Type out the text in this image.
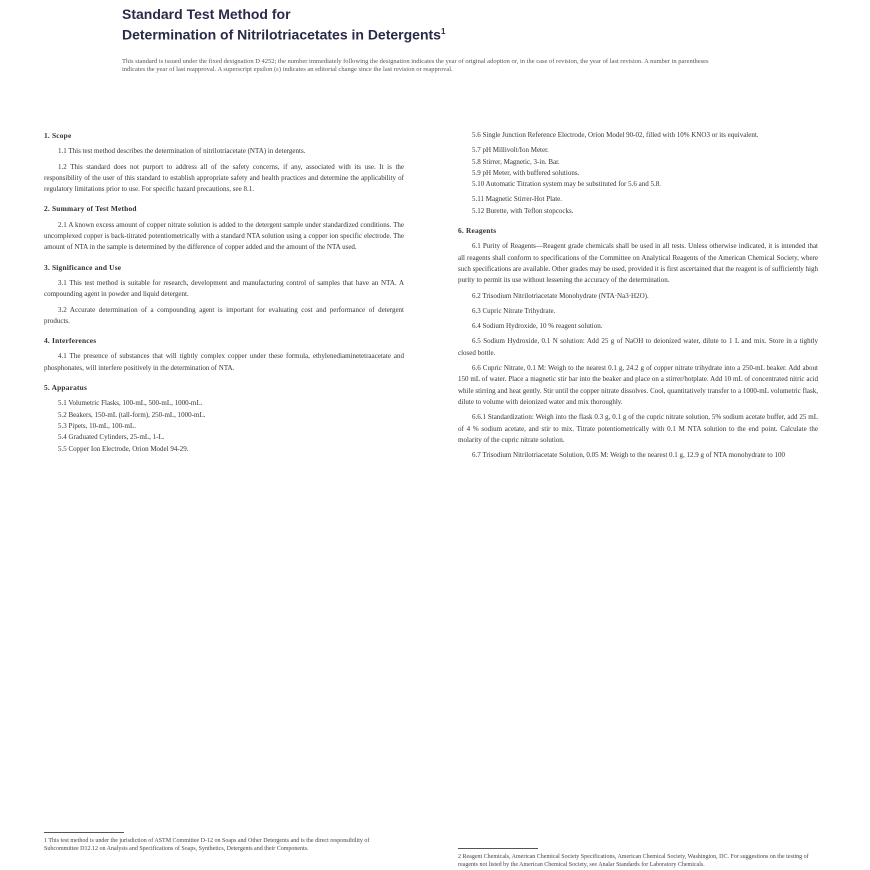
Standard Test Method for
Determination of Nitrilotriacetates in Detergents$^1$
This standard is issued under the fixed designation D 4252; the number immediately following the designation indicates the year of original adoption or, in the case of revision, the year of last revision. A number in parentheses indicates the year of last reapproval. A superscript epsilon (ε) indicates an editorial change since the last revision or reapproval.
1. Scope

1.1 This test method describes the determination of nitrilotriacetate (NTA) in detergents.

1.2 This standard does not purport to address all of the safety concerns, if any, associated with its use. It is the responsibility of the user of this standard to establish appropriate safety and health practices and determine the applicability of regulatory limitations prior to use. For specific hazard precautions, see 8.1.

2. Summary of Test Method

2.1 A known excess amount of copper nitrate solution is added to the detergent sample under standardized conditions. The uncomplexed copper is back-titrated potentiometrically with a standard NTA solution using a copper ion specific electrode. The amount of NTA in the sample is determined by the difference of copper added and the amount of the NTA used.

3. Significance and Use

3.1 This test method is suitable for research, development and manufacturing control of samples that have an NTA. A compounding agent in powder and liquid detergent.

3.2 Accurate determination of a compounding agent is important for evaluating cost and performance of detergent products.

4. Interferences

4.1 The presence of substances that will tightly complex copper under these formula, ethylenediaminetetraacetate and phosphonates, will interfere positively in the determination of NTA.

5. Apparatus

5.1 Volumetric Flasks, 100-mL, 500-mL, 1000-mL.

5.2 Beakers, 150-mL (tall-form), 250-mL, 1000-mL.

5.3 Pipets, 10-mL, 100-mL.

5.4 Graduated Cylinders, 25-mL, 1-L.

5.5 Copper Ion Electrode, Orion Model 94-29.

5.6 Single Junction Reference Electrode, Orion Model 90-02, filled with 10% KNO3 or its equivalent.

5.7 pH Millivolt/Ion Meter.

5.8 Stirrer, Magnetic, 3-in. Bar.

5.9 pH Meter, with buffered solutions.

5.10 Automatic Titration system may be substituted for 5.6 and 5.8.

5.11 Magnetic Stirrer-Hot Plate.

5.12 Burette, with Teflon stopcocks.

6. Reagents

6.1 Purity of Reagents—Reagent grade chemicals shall be used in all tests. Unless otherwise indicated, it is intended that all reagents shall conform to specifications of the Committee on Analytical Reagents of the American Chemical Society, where such specifications are available. Other grades may be used, provided it is first ascertained that the reagent is of sufficiently high purity to permit its use without lessening the accuracy of the determination.

6.2 Trisodium Nitrilotriacetate Monohydrate (NTA·Na3·H2O).

6.3 Cupric Nitrate Trihydrate.

6.4 Sodium Hydroxide, 10 % reagent solution.

6.5 Sodium Hydroxide, 0.1 N solution: Add 25 g of NaOH to deionized water, dilute to 1 L and mix. Store in a tightly closed bottle.

6.6 Cupric Nitrate, 0.1 M: Weigh to the nearest 0.1 g, 24.2 g of copper nitrate trihydrate into a 250-mL beaker. Add about 150 mL of water. Place a magnetic stir bar into the beaker and place on a stirrer/hotplate. Add 10 mL of concentrated nitric acid while stirring and heat gently. Stir until the copper nitrate dissolves. Cool, quantitatively transfer to a 1000-mL volumetric flask, dilute to volume with deionized water and mix thoroughly.

6.6.1 Standardization: Weigh into the flask 0.3 g, 0.1 g of the cupric nitrate solution, 5% sodium acetate buffer, add 25 mL of 4 % sodium acetate, and stir to mix. Titrate potentiometrically with 0.1 M NTA solution to the end point. Calculate the molarity of the cupric nitrate solution.

6.7 Trisodium Nitrilotriacetate Solution, 0.05 M: Weigh to the nearest 0.1 g, 12.9 g of NTA monohydrate to 100

1 This test method is under the jurisdiction of ASTM Committee D-12 on Soaps and Other Detergents and is the direct responsibility of Subcommittee D12.12 on Analysis and Specifications of Soaps, Synthetics, Detergents and their Components.
2 Reagent Chemicals, American Chemical Society Specifications, American Chemical Society, Washington, DC. For suggestions on the testing of reagents not listed by the American Chemical Society, see Analar Standards for Laboratory Chemicals.
